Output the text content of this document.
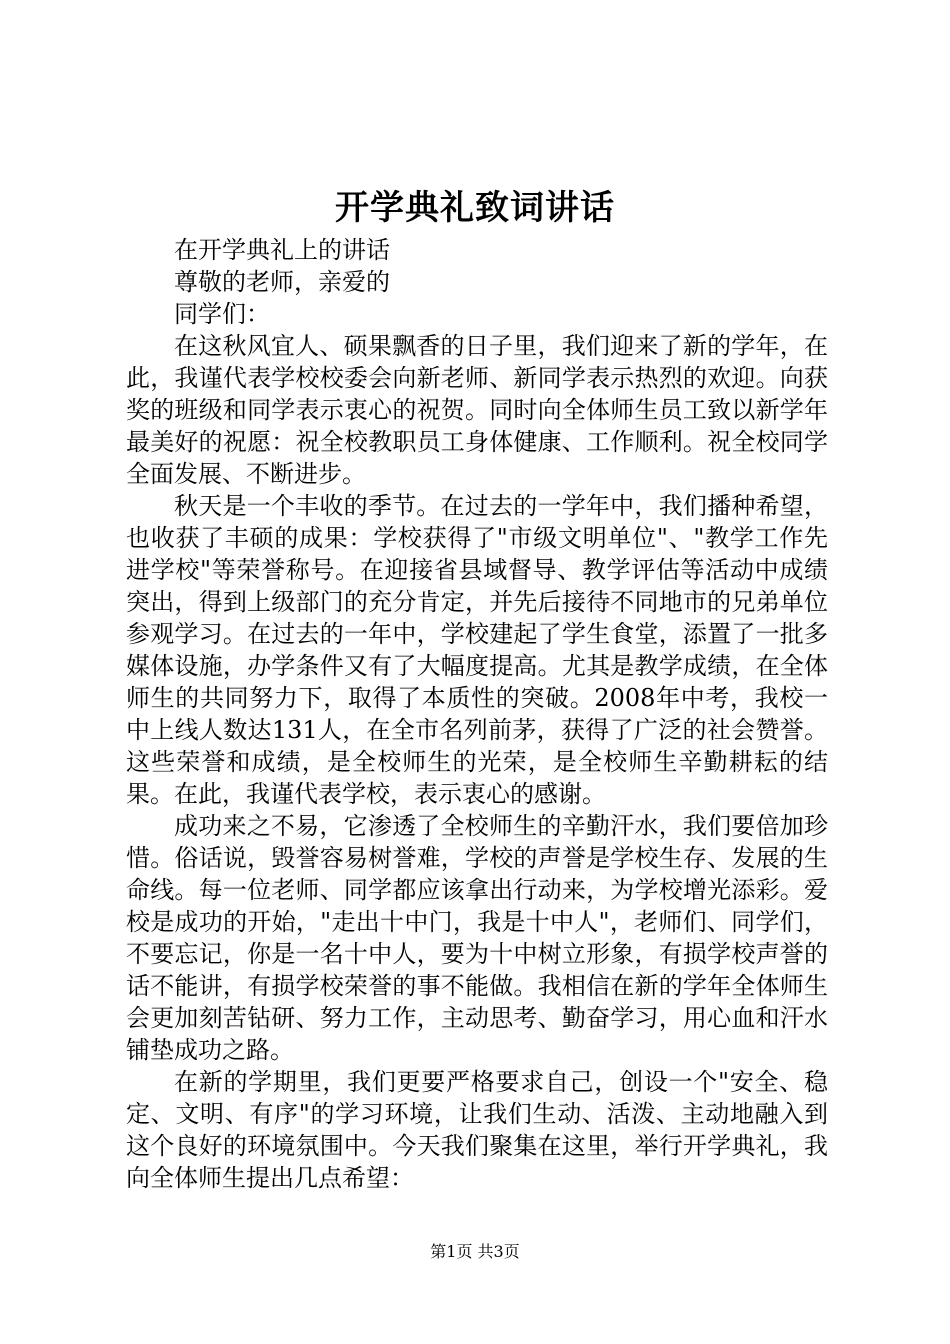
开学典礼致词讲话

在开学典礼上的讲话

尊敬的老师，亲爱的

同学们：

在这秋风宜人、硕果飘香的日子里，我们迎来了新的学年，在此，我谨代表学校校委会向新老师、新同学表示热烈的欢迎。向获奖的班级和同学表示衷心的祝贺。同时向全体师生员工致以新学年最美好的祝愿：祝全校教职员工身体健康、工作顺利。祝全校同学全面发展、不断进步。

秋天是一个丰收的季节。在过去的一学年中，我们播种希望，也收获了丰硕的成果：学校获得了"市级文明单位"、"教学工作先进学校"等荣誉称号。在迎接省县域督导、教学评估等活动中成绩突出，得到上级部门的充分肯定，并先后接待不同地市的兄弟单位参观学习。在过去的一年中，学校建起了学生食堂，添置了一批多媒体设施，办学条件又有了大幅度提高。尤其是教学成绩，在全体师生的共同努力下，取得了本质性的突破。2008年中考，我校一中上线人数达131人，在全市名列前茅，获得了广泛的社会赞誉。这些荣誉和成绩，是全校师生的光荣，是全校师生辛勤耕耘的结果。在此，我谨代表学校，表示衷心的感谢。

成功来之不易，它渗透了全校师生的辛勤汗水，我们要倍加珍惜。俗话说，毁誉容易树誉难，学校的声誉是学校生存、发展的生命线。每一位老师、同学都应该拿出行动来，为学校增光添彩。爱校是成功的开始，"走出十中门，我是十中人"，老师们、同学们，不要忘记，你是一名十中人，要为十中树立形象，有损学校声誉的话不能讲，有损学校荣誉的事不能做。我相信在新的学年全体师生会更加刻苦钻研、努力工作，主动思考、勤奋学习，用心血和汗水铺垫成功之路。

在新的学期里，我们更要严格要求自己，创设一个"安全、稳定、文明、有序"的学习环境，让我们生动、活泼、主动地融入到这个良好的环境氛围中。今天我们聚集在这里，举行开学典礼，我向全体师生提出几点希望：

第1页 共3页
